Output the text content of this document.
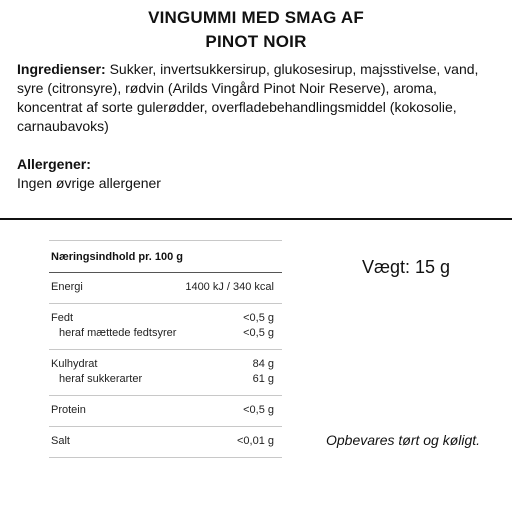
VINGUMMI MED SMAG AF
PINOT NOIR
Ingredienser: Sukker, invertsukkersirup, glukosesirup, majsstivelse, vand, syre (citronsyre), rødvin (Arilds Vingård Pinot Noir Reserve), aroma, koncentrat af sorte gulerødder, overfladebehandlingsmiddel (kokosolie, carnaubavoks)
Allergener:
Ingen øvrige allergener
Næringsindhold pr. 100 g
Energi	1400 kJ / 340 kcal
Fedt	<0,5 g
heraf mættede fedtsyrer	<0,5 g
Kulhydrat	84 g
heraf sukkerarter	61 g
Protein	<0,5 g
Salt	<0,01 g
Vægt: 15 g
Opbevares tørt og køligt.
